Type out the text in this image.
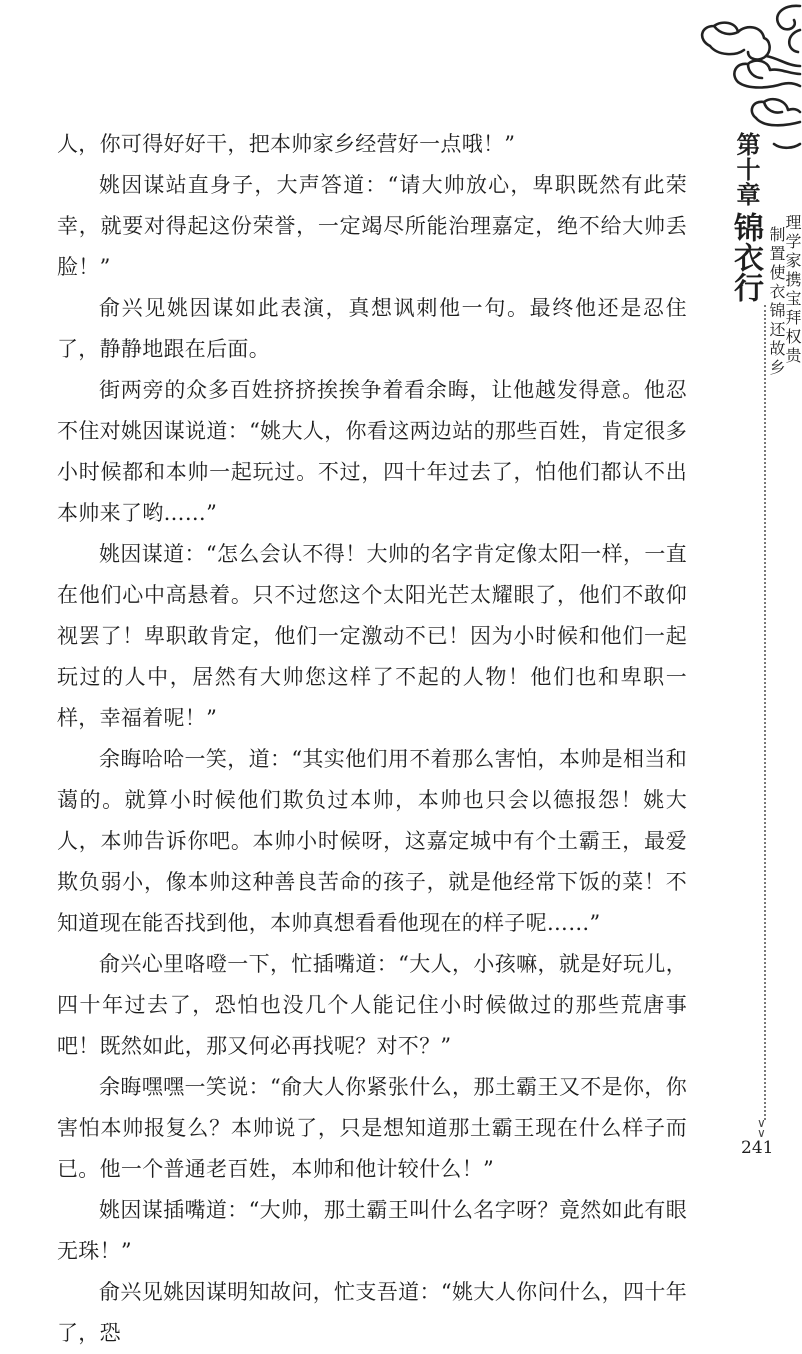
人，你可得好好干，把本帅家乡经营好一点哦！”

姚因谋站直身子，大声答道：“请大帅放心，卑职既然有此荣幸，就要对得起这份荣誉，一定竭尽所能治理嘉定，绝不给大帅丢脸！”

俞兴见姚因谋如此表演，真想讽刺他一句。最终他还是忍住了，静静地跟在后面。

街两旁的众多百姓挤挤挨挨争着看余晦，让他越发得意。他忍不住对姚因谋说道：“姚大人，你看这两边站的那些百姓，肯定很多小时候都和本帅一起玩过。不过，四十年过去了，怕他们都认不出本帅来了哟……”

姚因谋道：“怎么会认不得！大帅的名字肯定像太阳一样，一直在他们心中高悬着。只不过您这个太阳光芒太耀眼了，他们不敢仰视罢了！卑职敢肯定，他们一定激动不已！因为小时候和他们一起玩过的人中，居然有大帅您这样了不起的人物！他们也和卑职一样，幸福着呢！”

余晦哈哈一笑，道：“其实他们用不着那么害怕，本帅是相当和蔼的。就算小时候他们欺负过本帅，本帅也只会以德报怨！姚大人，本帅告诉你吧。本帅小时候呀，这嘉定城中有个土霸王，最爱欺负弱小，像本帅这种善良苦命的孩子，就是他经常下饭的菜！不知道现在能否找到他，本帅真想看看他现在的样子呢……”

俞兴心里咯噔一下，忙插嘴道：“大人，小孩嘛，就是好玩儿，四十年过去了，恐怕也没几个人能记住小时候做过的那些荒唐事吧！既然如此，那又何必再找呢？对不？”

余晦嘿嘿一笑说：“俞大人你紧张什么，那土霸王又不是你，你害怕本帅报复么？本帅说了，只是想知道那土霸王现在什么样子而已。他一个普通老百姓，本帅和他计较什么！”

姚因谋插嘴道：“大帅，那土霸王叫什么名字呀？竟然如此有眼无珠！”

俞兴见姚因谋明知故问，忙支吾道：“姚大人你问什么，四十年了，恐

第十章
锦衣行 理学家携宝拜权贵
制置使衣锦还故乡
∨
∨
241
